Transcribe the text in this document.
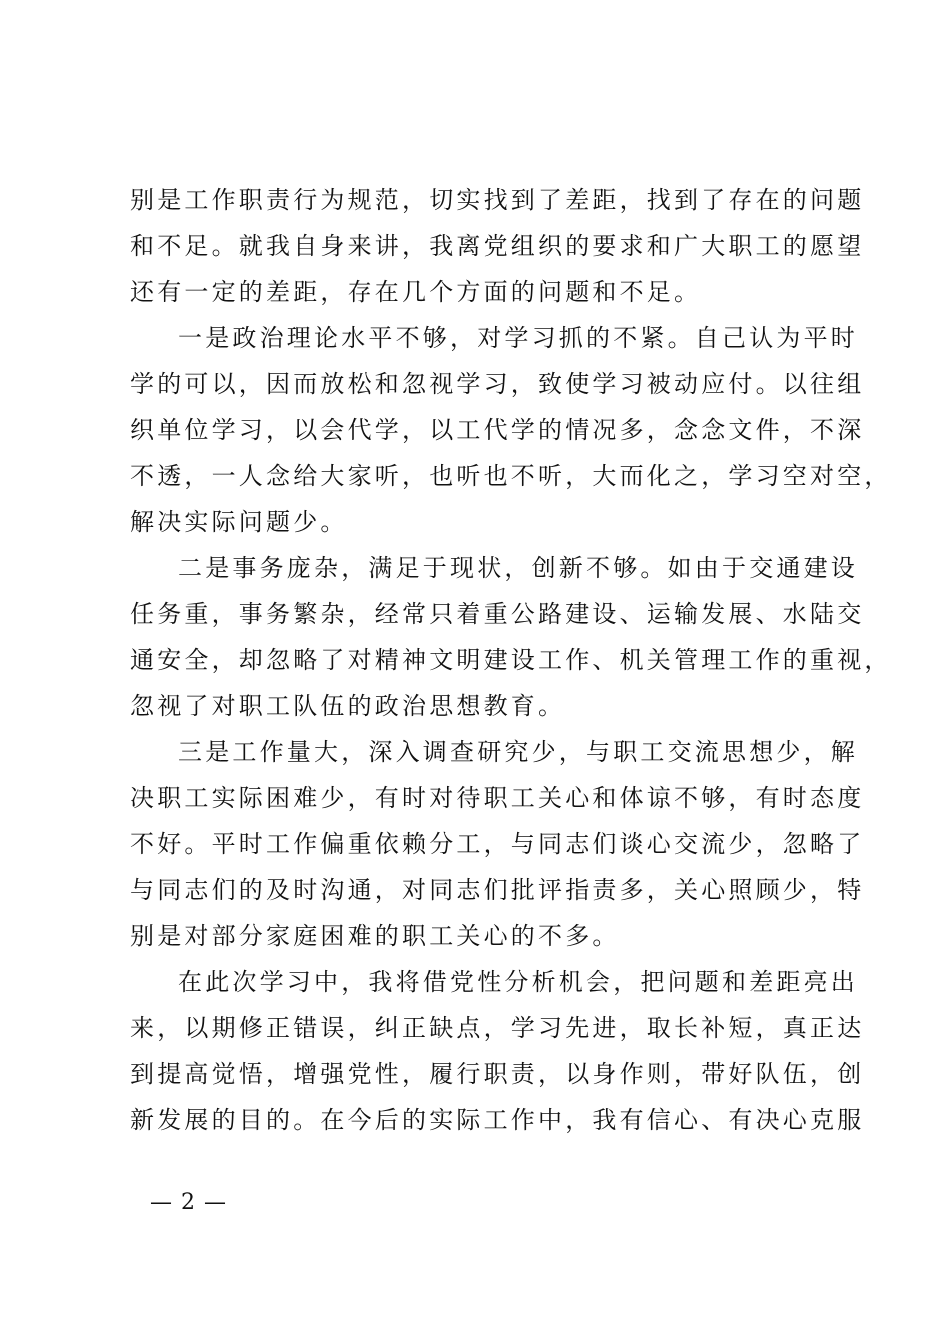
别是工作职责行为规范，切实找到了差距，找到了存在的问题
和不足。就我自身来讲，我离党组织的要求和广大职工的愿望
还有一定的差距，存在几个方面的问题和不足。
一是政治理论水平不够，对学习抓的不紧。自己认为平时
学的可以，因而放松和忽视学习，致使学习被动应付。以往组
织单位学习，以会代学，以工代学的情况多，念念文件，不深
不透，一人念给大家听，也听也不听，大而化之，学习空对空，
解决实际问题少。
二是事务庞杂，满足于现状，创新不够。如由于交通建设
任务重，事务繁杂，经常只着重公路建设、运输发展、水陆交
通安全，却忽略了对精神文明建设工作、机关管理工作的重视，
忽视了对职工队伍的政治思想教育。
三是工作量大，深入调查研究少，与职工交流思想少，解
决职工实际困难少，有时对待职工关心和体谅不够，有时态度
不好。平时工作偏重依赖分工，与同志们谈心交流少，忽略了
与同志们的及时沟通，对同志们批评指责多，关心照顾少，特
别是对部分家庭困难的职工关心的不多。
在此次学习中，我将借党性分析机会，把问题和差距亮出
来，以期修正错误，纠正缺点，学习先进，取长补短，真正达
到提高觉悟，增强党性，履行职责，以身作则，带好队伍，创
新发展的目的。在今后的实际工作中，我有信心、有决心克服
— 2 —
